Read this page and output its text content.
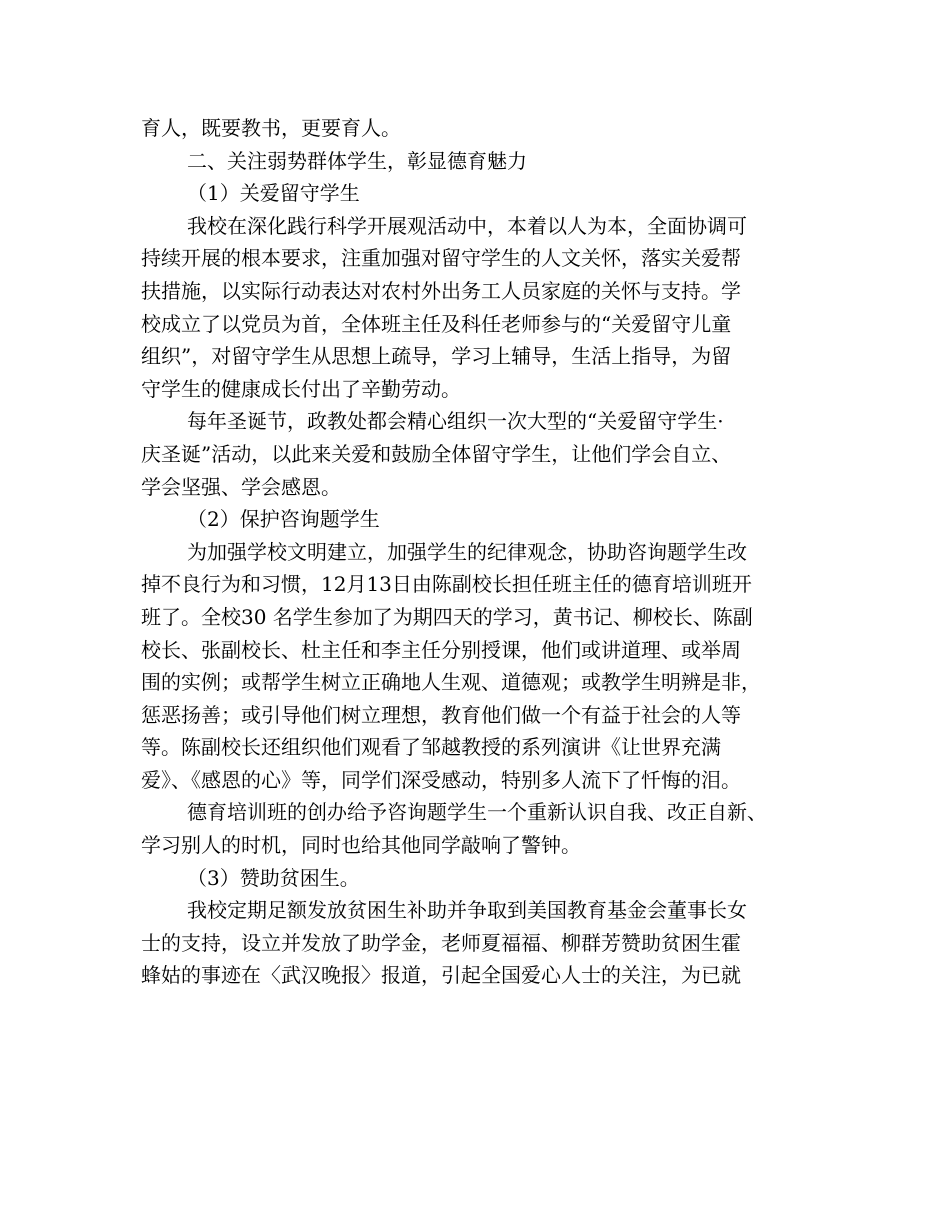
育人，既要教书，更要育人。
二、关注弱势群体学生，彰显德育魅力
（1）关爱留守学生
我校在深化践行科学开展观活动中，本着以人为本，全面协调可
持续开展的根本要求，注重加强对留守学生的人文关怀，落实关爱帮
扶措施，以实际行动表达对农村外出务工人员家庭的关怀与支持。学
校成立了以党员为首，全体班主任及科任老师参与的“关爱留守儿童
组织”，对留守学生从思想上疏导，学习上辅导，生活上指导，为留
守学生的健康成长付出了辛勤劳动。
每年圣诞节，政教处都会精心组织一次大型的“关爱留守学生·
庆圣诞”活动，以此来关爱和鼓励全体留守学生，让他们学会自立、
学会坚强、学会感恩。
（2）保护咨询题学生
为加强学校文明建立，加强学生的纪律观念，协助咨询题学生改
掉不良行为和习惯，12月13日由陈副校长担任班主任的德育培训班开
班了。全校30 名学生参加了为期四天的学习，黄书记、柳校长、陈副
校长、张副校长、杜主任和李主任分别授课，他们或讲道理、或举周
围的实例；或帮学生树立正确地人生观、道德观；或教学生明辨是非，
惩恶扬善；或引导他们树立理想，教育他们做一个有益于社会的人等
等。陈副校长还组织他们观看了邹越教授的系列演讲《让世界充满
爱》、《感恩的心》等，同学们深受感动，特别多人流下了忏悔的泪。
德育培训班的创办给予咨询题学生一个重新认识自我、改正自新、
学习别人的时机，同时也给其他同学敲响了警钟。
（3）赞助贫困生。
我校定期足额发放贫困生补助并争取到美国教育基金会董事长女
士的支持，设立并发放了助学金，老师夏福福、柳群芳赞助贫困生霍
蜂姑的事迹在〈武汉晚报〉报道，引起全国爱心人士的关注，为已就
